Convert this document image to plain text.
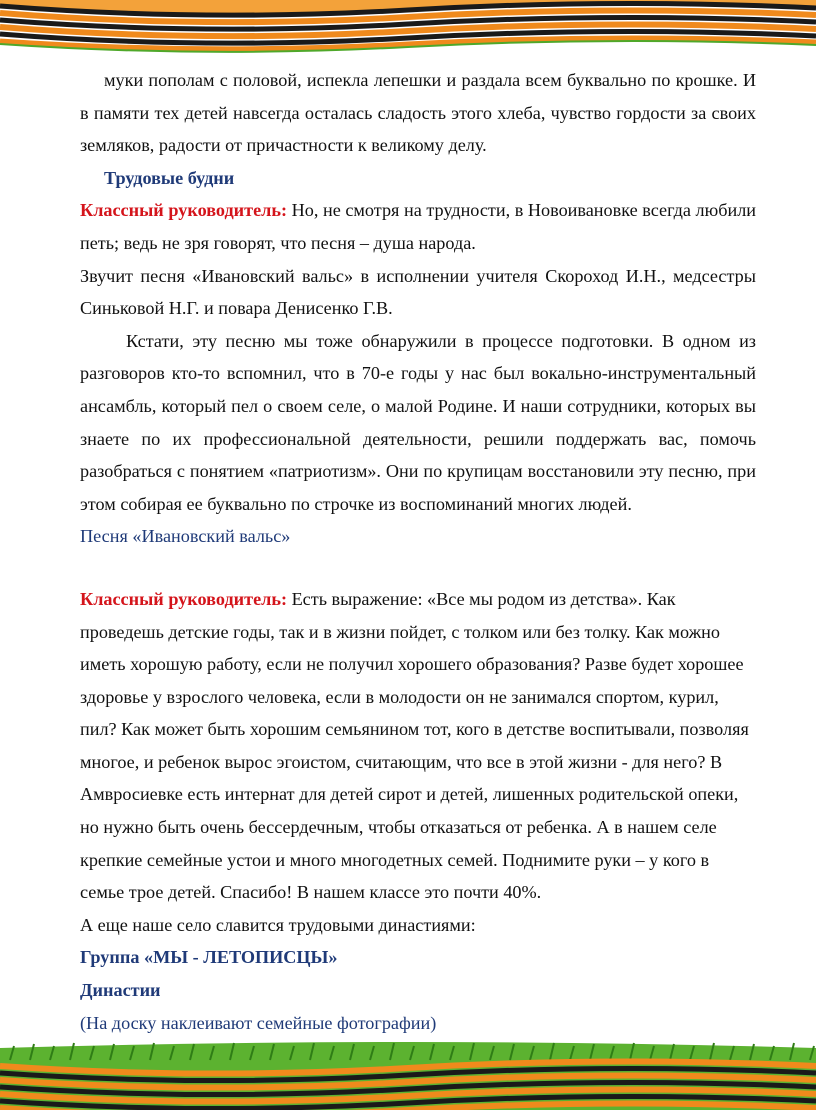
муки пополам с половой, испекла лепешки и раздала всем буквально по крошке. И в памяти тех детей навсегда осталась сладость этого хлеба, чувство гордости за своих земляков, радости от причастности к великому делу.

Трудовые будни

Классный руководитель: Но, не смотря на трудности, в Новоивановке всегда любили петь; ведь не зря говорят, что песня – душа народа.

Звучит песня «Ивановский вальс» в исполнении учителя Скороход И.Н., медсестры Синьковой Н.Г. и повара Денисенко Г.В.

Кстати, эту песню мы тоже обнаружили в процессе подготовки. В одном из разговоров кто-то вспомнил, что в 70-е годы у нас был вокально-инструментальный ансамбль, который пел о своем селе, о малой Родине. И наши сотрудники, которых вы знаете по их профессиональной деятельности, решили поддержать вас, помочь разобраться с понятием «патриотизм». Они по крупицам восстановили эту песню, при этом собирая ее буквально по строчке из воспоминаний многих людей.

Песня «Ивановский вальс»

Классный руководитель: Есть выражение: «Все мы родом из детства». Как проведешь детские годы, так и в жизни пойдет, с толком или без толку. Как можно иметь хорошую работу, если не получил хорошего образования? Разве будет хорошее здоровье у взрослого человека, если в молодости он не занимался спортом, курил, пил? Как может быть хорошим семьянином тот, кого в детстве воспитывали, позволяя многое, и ребенок вырос эгоистом, считающим, что все в этой жизни - для него? В Амвросиевке есть интернат для детей сирот и детей, лишенных родительской опеки, но нужно быть очень бессердечным, чтобы отказаться от ребенка. А в нашем селе крепкие семейные устои и много многодетных семей. Поднимите руки – у кого в семье трое детей. Спасибо! В нашем классе это почти 40%.

А еще наше село славится трудовыми династиями:

Группа «МЫ - ЛЕТОПИСЦЫ»

Династии

(На доску наклеивают семейные фотографии)
